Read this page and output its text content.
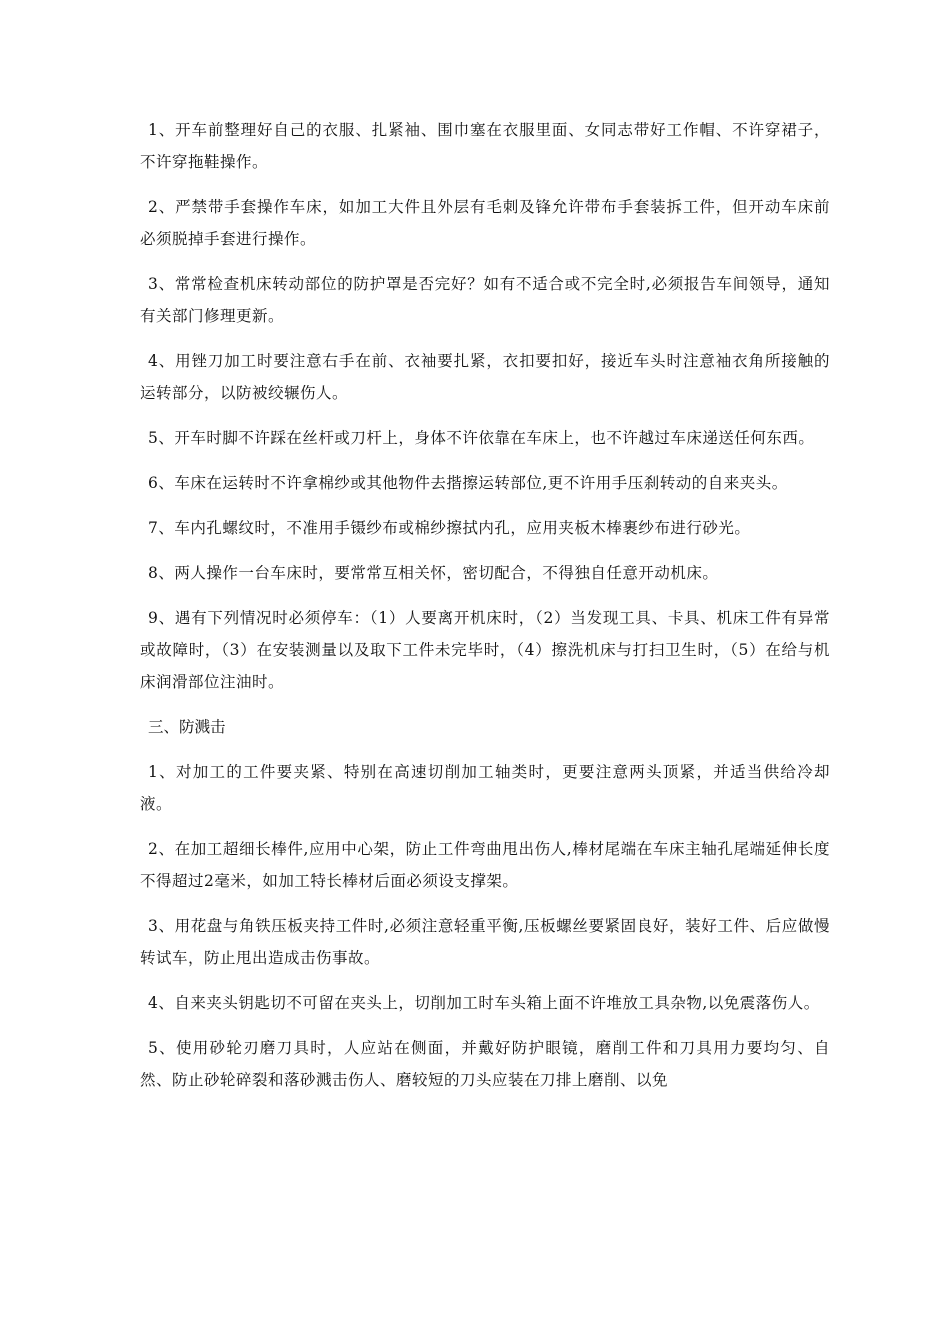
1、开车前整理好自己的衣服、扎紧袖、围巾塞在衣服里面、女同志带好工作帽、不许穿裙子，不许穿拖鞋操作。

2、严禁带手套操作车床，如加工大件且外层有毛刺及锋允许带布手套装拆工件，但开动车床前必须脱掉手套进行操作。

3、常常检查机床转动部位的防护罩是否完好？如有不适合或不完全时,必须报告车间领导，通知有关部门修理更新。

4、用锉刀加工时要注意右手在前、衣袖要扎紧，衣扣要扣好，接近车头时注意袖衣角所接触的运转部分，以防被绞辗伤人。

5、开车时脚不许踩在丝杆或刀杆上，身体不许依靠在车床上，也不许越过车床递送任何东西。

6、车床在运转时不许拿棉纱或其他物件去揩擦运转部位,更不许用手压刹转动的自来夹头。

7、车内孔螺纹时，不准用手镊纱布或棉纱擦拭内孔，应用夹板木棒裹纱布进行砂光。

8、两人操作一台车床时，要常常互相关怀，密切配合，不得独自任意开动机床。

9、遇有下列情况时必须停车：（1）人要离开机床时，（2）当发现工具、卡具、机床工件有异常或故障时，（3）在安装测量以及取下工件未完毕时，（4）擦洗机床与打扫卫生时，（5）在给与机床润滑部位注油时。

三、防溅击

1、对加工的工件要夹紧、特别在高速切削加工轴类时，更要注意两头顶紧，并适当供给冷却液。

2、在加工超细长棒件,应用中心架，防止工件弯曲甩出伤人,棒材尾端在车床主轴孔尾端延伸长度不得超过2毫米，如加工特长棒材后面必须设支撑架。

3、用花盘与角铁压板夹持工件时,必须注意轻重平衡,压板螺丝要紧固良好，装好工件、后应做慢转试车，防止甩出造成击伤事故。

4、自来夹头钥匙切不可留在夹头上，切削加工时车头箱上面不许堆放工具杂物,以免震落伤人。

5、使用砂轮刃磨刀具时，人应站在侧面，并戴好防护眼镜，磨削工件和刀具用力要均匀、自然、防止砂轮碎裂和落砂溅击伤人、磨较短的刀头应装在刀排上磨削、以免
